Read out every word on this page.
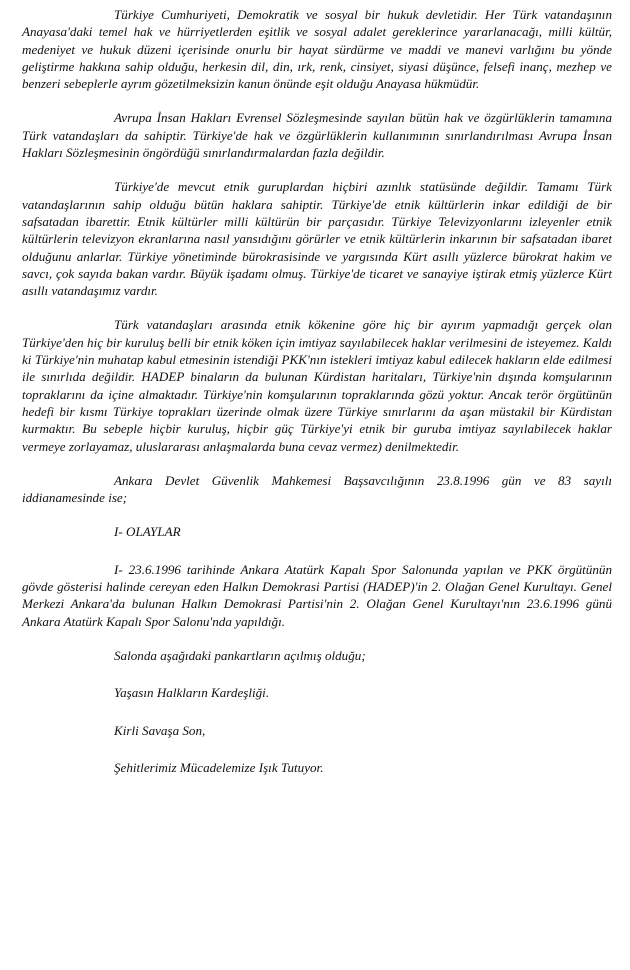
Türkiye Cumhuriyeti, Demokratik ve sosyal bir hukuk devletidir. Her Türk vatandaşının Anayasa'daki temel hak ve hürriyetlerden eşitlik ve sosyal adalet gereklerince yararlanacağı, milli kültür, medeniyet ve hukuk düzeni içerisinde onurlu bir hayat sürdürme ve maddi ve manevi varlığını bu yönde geliştirme hakkına sahip olduğu, herkesin dil, din, ırk, renk, cinsiyet, siyasi düşünce, felsefi inanç, mezhep ve benzeri sebeplerle ayrım gözetilmeksizin kanun önünde eşit olduğu Anayasa hükmüdür.

Avrupa İnsan Hakları Evrensel Sözleşmesinde sayılan bütün hak ve özgürlüklerin tamamına Türk vatandaşları da sahiptir. Türkiye'de hak ve özgürlüklerin kullanımının sınırlandırılması Avrupa İnsan Hakları Sözleşmesinin öngördüğü sınırlandırmalardan fazla değildir.

Türkiye'de mevcut etnik guruplardan hiçbiri azınlık statüsünde değildir. Tamamı Türk vatandaşlarının sahip olduğu bütün haklara sahiptir. Türkiye'de etnik kültürlerin inkar edildiği de bir safsatadan ibarettir. Etnik kültürler milli kültürün bir parçasıdır. Türkiye Televizyonlarını izleyenler etnik kültürlerin televizyon ekranlarına nasıl yansıdığını görürler ve etnik kültürlerin inkarının bir safsatadan ibaret olduğunu anlarlar. Türkiye yönetiminde bürokrasisinde ve yargısında Kürt asıllı yüzlerce bürokrat hakim ve savcı, çok sayıda bakan vardır. Büyük işadamı olmuş. Türkiye'de ticaret ve sanayiye iştirak etmiş yüzlerce Kürt asıllı vatandaşımız vardır.

Türk vatandaşları arasında etnik kökenine göre hiç bir ayırım yapmadığı gerçek olan Türkiye'den hiç bir kuruluş belli bir etnik köken için imtiyaz sayılabilecek haklar verilmesini de isteyemez. Kaldı ki Türkiye'nin muhatap kabul etmesinin istendiği PKK'nın istekleri imtiyaz kabul edilecek hakların elde edilmesi ile sınırlıda değildir. HADEP binaların da bulunan Kürdistan haritaları, Türkiye'nin dışında komşularının topraklarını da içine almaktadır. Türkiye'nin komşularının topraklarında gözü yoktur. Ancak terör örgütünün hedefi bir kısmı Türkiye toprakları üzerinde olmak üzere Türkiye sınırlarını da aşan müstakil bir Kürdistan kurmaktır. Bu sebeple hiçbir kuruluş, hiçbir güç Türkiye'yi etnik bir guruba imtiyaz sayılabilecek haklar vermeye zorlayamaz, uluslararası anlaşmalarda buna cevaz vermez) denilmektedir.

Ankara Devlet Güvenlik Mahkemesi Başsavcılığının 23.8.1996 gün ve 83 sayılı iddianamesinde ise;

I- OLAYLAR

I- 23.6.1996 tarihinde Ankara Atatürk Kapalı Spor Salonunda yapılan ve PKK örgütünün gövde gösterisi halinde cereyan eden Halkın Demokrasi Partisi (HADEP)'in 2. Olağan Genel Kurultayı. Genel Merkezi Ankara'da bulunan Halkın Demokrasi Partisi'nin 2. Olağan Genel Kurultayı'nın 23.6.1996 günü Ankara Atatürk Kapalı Spor Salonu'nda yapıldığı.

Salonda aşağıdaki pankartların açılmış olduğu;

Yaşasın Halkların Kardeşliği.

Kirli Savaşa Son,

Şehitlerimiz Mücadelemize Işık Tutuyor.
